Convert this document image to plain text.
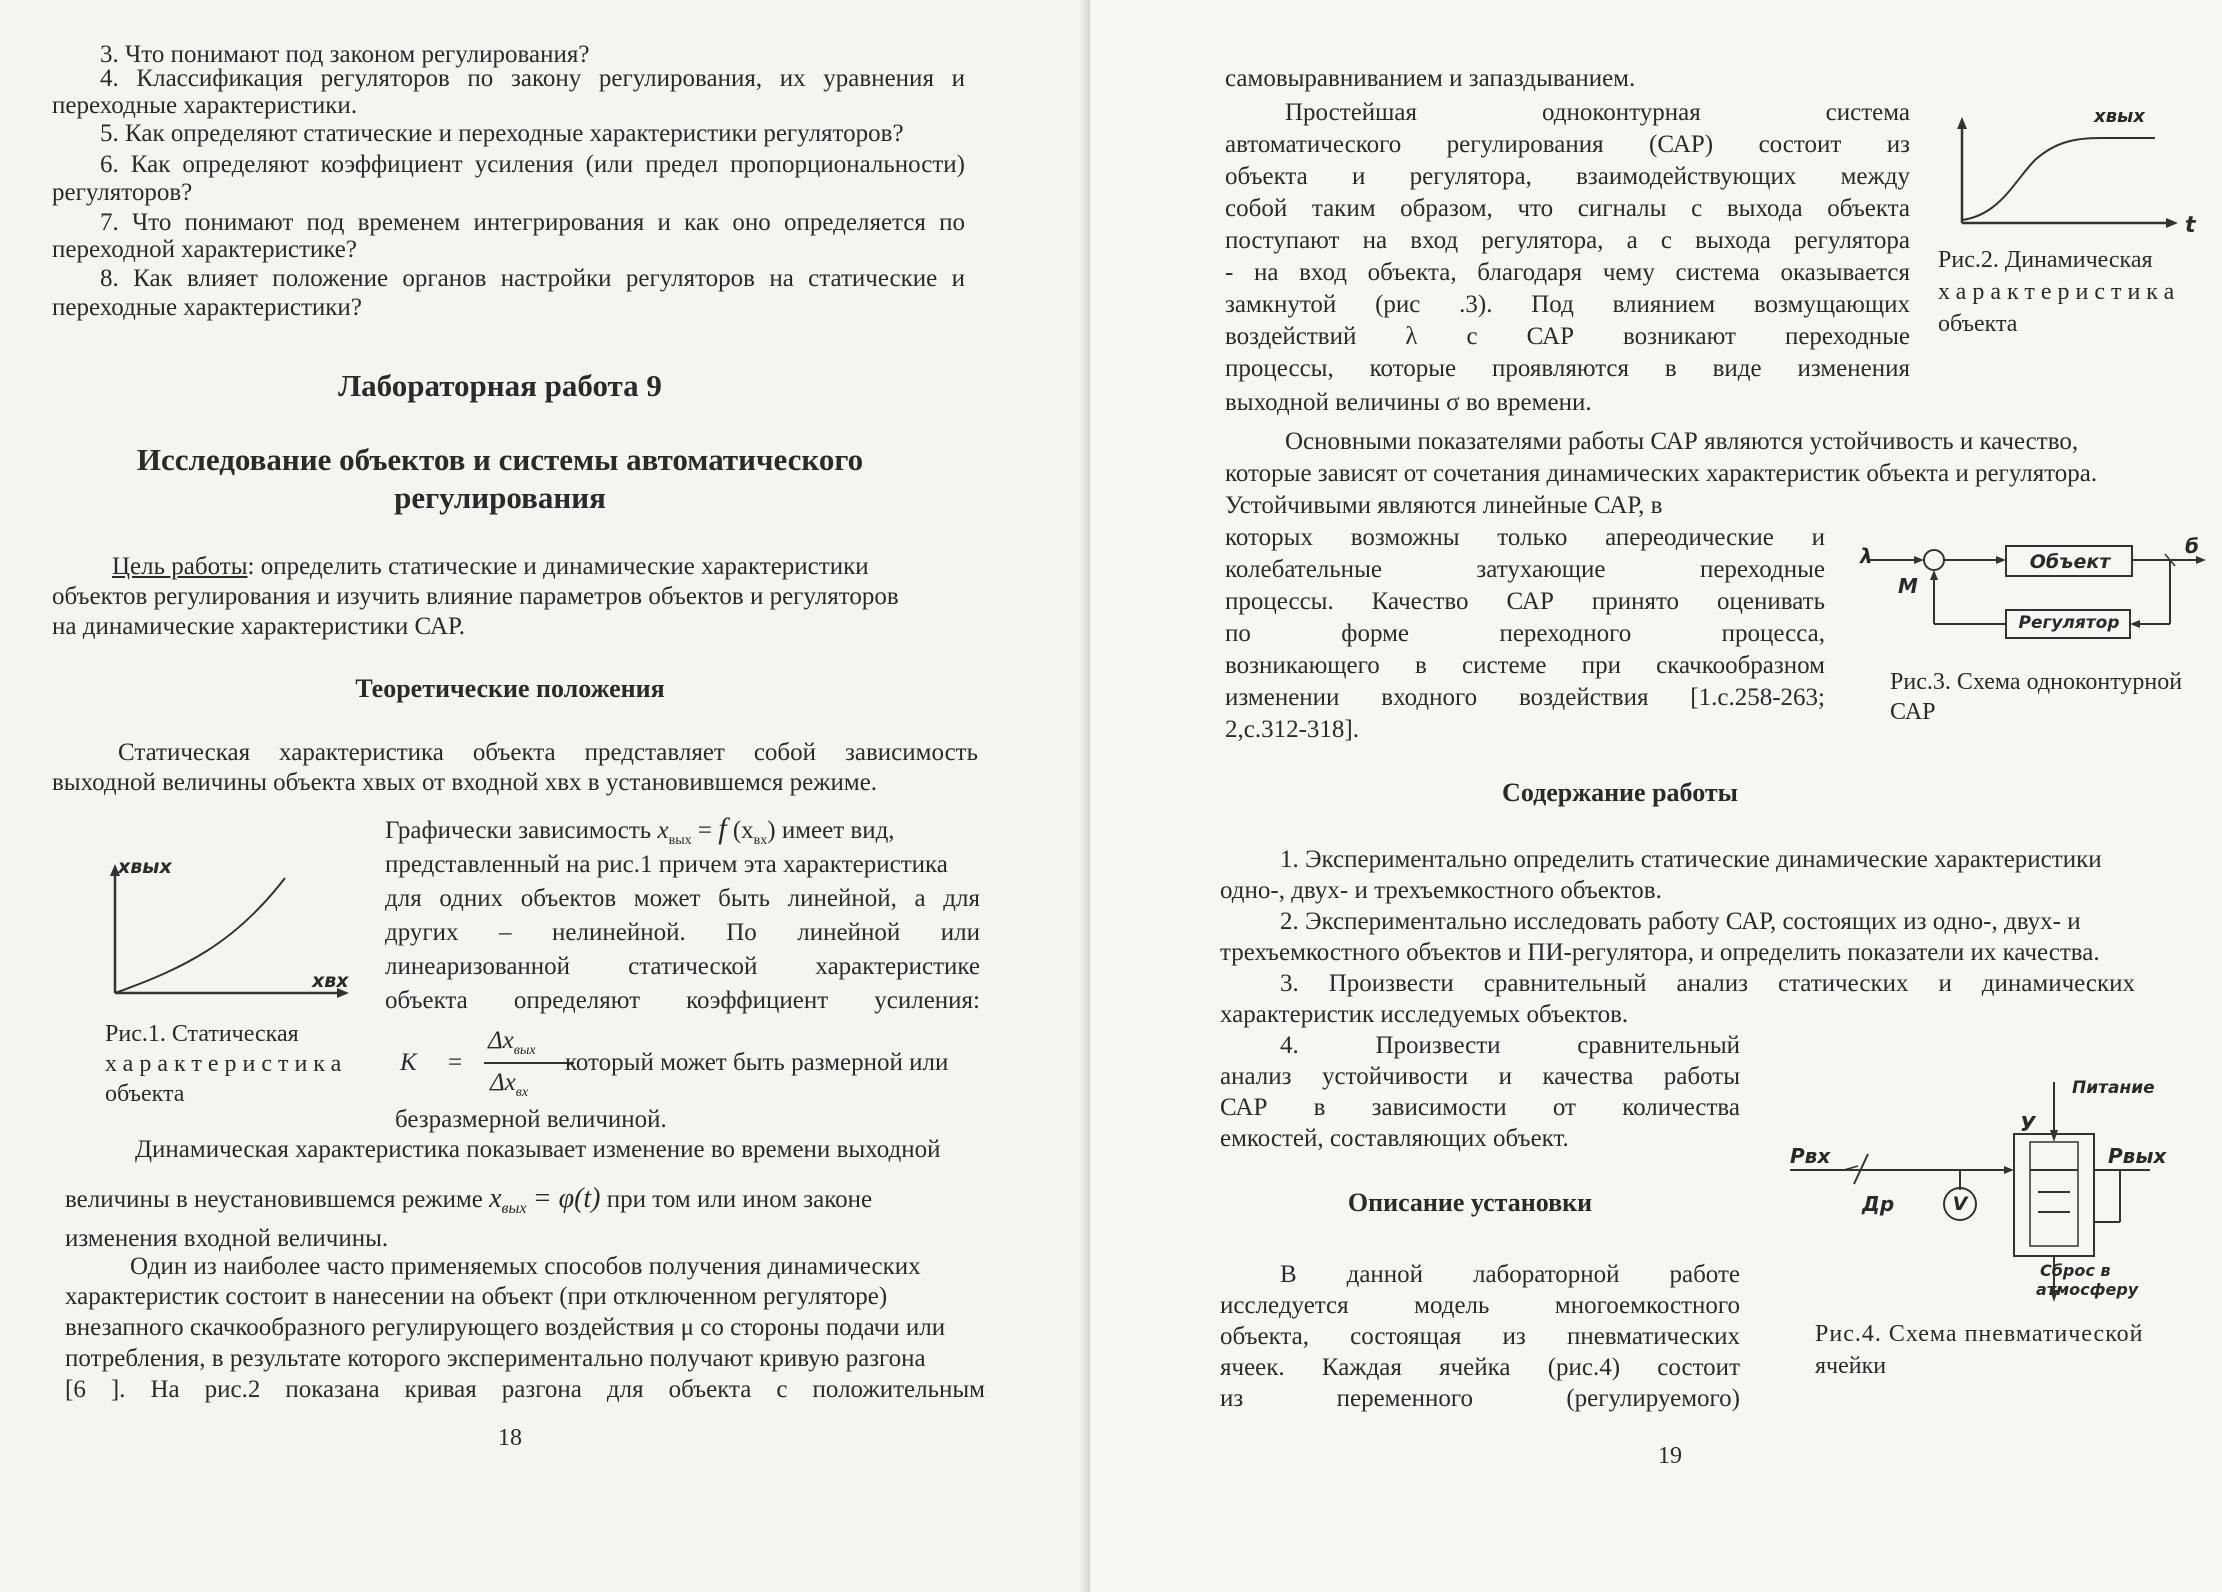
3. Что понимают под законом регулирования?
4. Классификация регуляторов по закону регулирования, их уравнения и
переходные характеристики.
5. Как определяют статические и переходные характеристики регуляторов?
6. Как определяют коэффициент усиления (или предел пропорциональности)
регуляторов?
7. Что понимают под временем интегрирования и как оно определяется по
переходной характеристике?
8. Как влияет положение органов настройки регуляторов на статические и
переходные характеристики?
Лабораторная работа 9
Исследование объектов и системы автоматического
регулирования
Цель работы: определить статические и динамические характеристики
объектов регулирования и изучить влияние параметров объектов и регуляторов
на динамические характеристики САР.
Теоретические положения
Статическая характеристика объекта представляет собой зависимость
выходной величины объекта хвых от входной хвх в установившемся режиме.
Графически зависимость $x_{вых} = f$ $(x_{вх})$ имеет вид,
представленный на рис.1 причем эта характеристика
для одних объектов может быть линейной, а для
других – нелинейной. По линейной или
линеаризованной статической характеристике
объекта определяют коэффициент усиления:
K =
$\Delta x_{вых}$
$\Delta x_{вх}$
который может быть размерной или
безразмерной величиной.
xвых
xвх
Рис.1. Статическая
характеристика
объекта
Динамическая характеристика показывает изменение во времени выходной
величины в неустановившемся режиме $x_{вых} = \varphi(t)$ при том или ином законе
изменения входной величины.
Один из наиболее часто применяемых способов получения динамических
характеристик состоит в нанесении на объект (при отключенном регуляторе)
внезапного скачкообразного регулирующего воздействия μ со стороны подачи или
потребления, в результате которого экспериментально получают кривую разгона
[6 ]. На рис.2 показана кривая разгона для объекта с положительным
18
самовыравниванием и запаздыванием.
Простейшая одноконтурная система
автоматического регулирования (САР) состоит из
объекта и регулятора, взаимодействующих между
собой таким образом, что сигналы с выхода объекта
поступают на вход регулятора, а с выхода регулятора
- на вход объекта, благодаря чему система оказывается
замкнутой (рис .3). Под влиянием возмущающих
воздействий λ с САР возникают переходные
процессы, которые проявляются в виде изменения
выходной величины σ во времени.
xвых
t
Рис.2. Динамическая
характеристика
объекта
Основными показателями работы САР являются устойчивость и качество,
которые зависят от сочетания динамических характеристик объекта и регулятора.
Устойчивыми являются линейные САР, в
которых возможны только апереодические и
колебательные затухающие переходные
процессы. Качество САР принято оценивать
по форме переходного процесса,
возникающего в системе при скачкообразном
изменении входного воздействия [1.с.258-263;
2,с.312-318].
λ
M
б
Объект
Регулятор
Рис.3. Схема одноконтурной
САР
Содержание работы
1. Экспериментально определить статические динамические характеристики
одно-, двух- и трехъемкостного объектов.
2. Экспериментально исследовать работу САР, состоящих из одно-, двух- и
трехъемкостного объектов и ПИ-регулятора, и определить показатели их качества.
3. Произвести сравнительный анализ статических и динамических
характеристик исследуемых объектов.
4. Произвести сравнительный
анализ устойчивости и качества работы
САР в зависимости от количества
емкостей, составляющих объект.
Описание установки
В данной лабораторной работе
исследуется модель многоемкостного
объекта, состоящая из пневматических
ячеек. Каждая ячейка (рис.4) состоит
из переменного (регулируемого)
Питание
У
Рвх	Рвых
Др	V
Сброс в
атмосферу
Рис.4. Схема пневматической
ячейки
19
